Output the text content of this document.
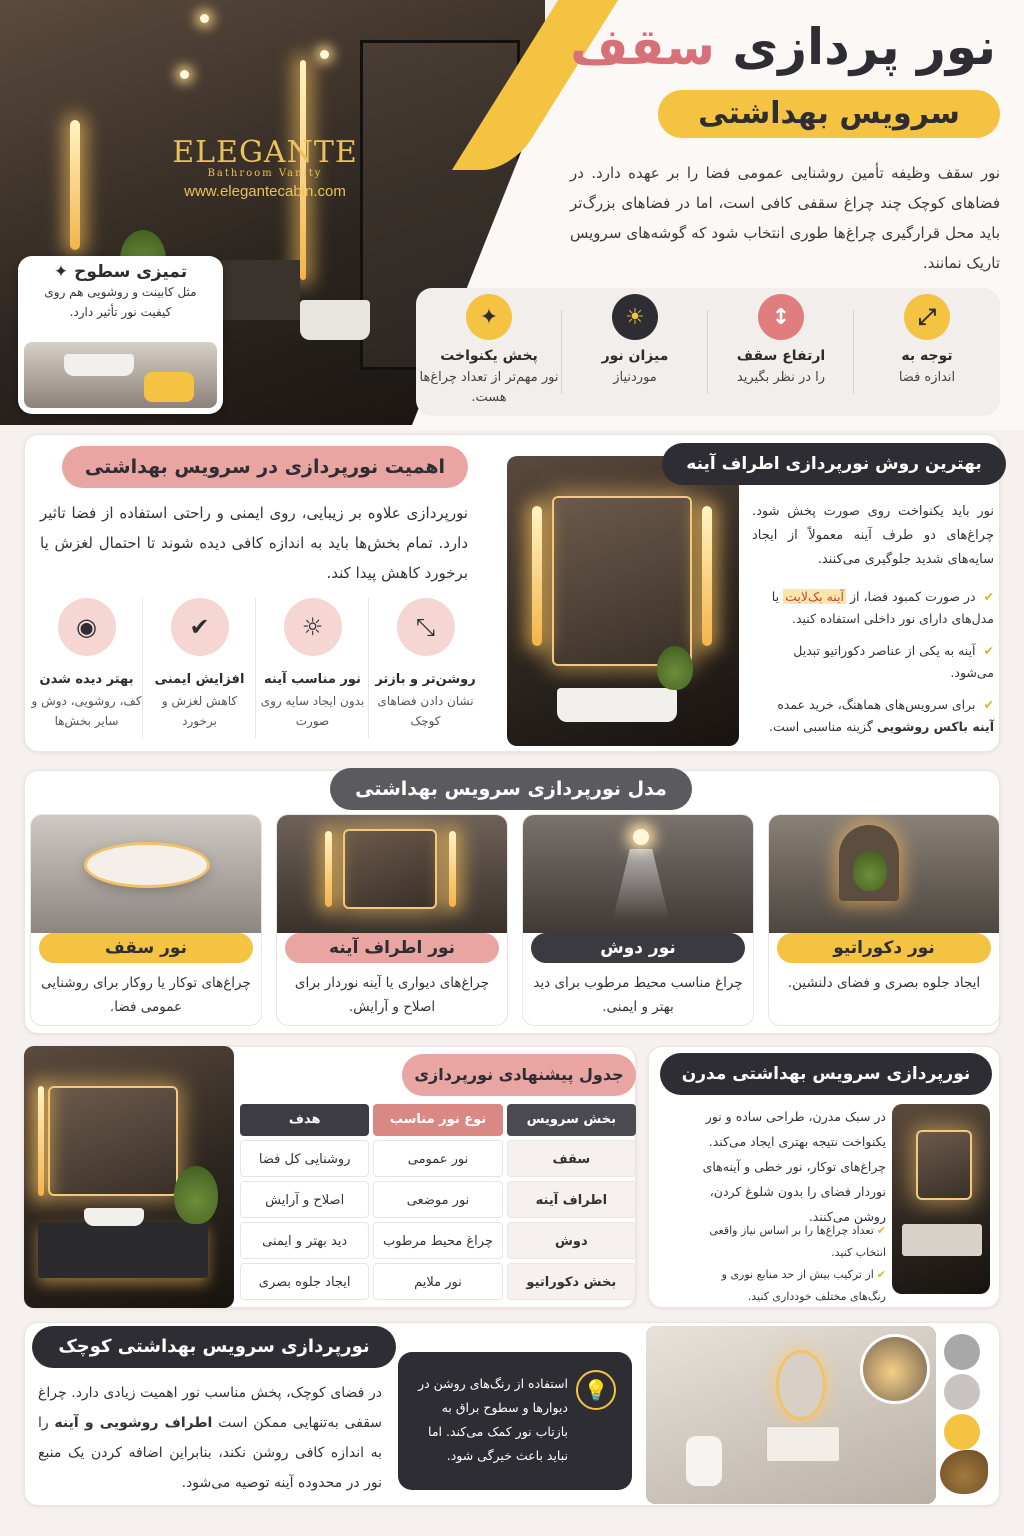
ELEGANTE
Bathroom Vanity
www.elegantecabin.com
نور پردازی سقف
سرویس بهداشتی
نور سقف وظیفه تأمین روشنایی عمومی فضا را بر عهده دارد. در فضاهای کوچک چند چراغ سقفی کافی است، اما در فضاهای بزرگ‌تر باید محل قرارگیری چراغ‌ها طوری انتخاب شود که گوشه‌های سرویس تاریک نمانند.
⤢
توجه به
اندازه فضا
↕
ارتفاع سقف
را در نظر بگیرید
☀
میزان نور
موردنیاز
✦
پخش یکنواخت
نور مهم‌تر از تعداد چراغ‌ها هست.
✦ تمیزی سطوح
مثل کابینت و روشویی هم روی کیفیت نور تأثیر دارد.
اهمیت نورپردازی در سرویس بهداشتی
نورپردازی علاوه بر زیبایی، روی ایمنی و راحتی استفاده از فضا تاثیر دارد. تمام بخش‌ها باید به اندازه کافی دیده شوند تا احتمال لغزش یا برخورد کاهش پیدا کند.
⤡
روشن‌تر و بازتر
نشان دادن فضاهای کوچک
☼
نور مناسب آینه
بدون ایجاد سایه روی صورت
✔
افزایش ایمنی
کاهش لغزش و برخورد
◉
بهتر دیده شدن
کف، روشویی، دوش و سایر بخش‌ها
بهترین روش نورپردازی اطراف آینه
نور باید یکنواخت روی صورت پخش شود. چراغ‌های دو طرف آینه معمولاً از ایجاد سایه‌های شدید جلوگیری می‌کنند.
✔ در صورت کمبود فضا، از آینه بک‌لایت یا مدل‌های دارای نور داخلی استفاده کنید.
✔ آینه به یکی از عناصر دکوراتیو تبدیل می‌شود.
✔ برای سرویس‌های هماهنگ، خرید عمده آینه باکس روشویی گزینه مناسبی است.
مدل نورپردازی سرویس بهداشتی
نور دکوراتیو
ایجاد جلوه بصری و فضای دلنشین.
نور دوش
چراغ مناسب محیط مرطوب برای دید بهتر و ایمنی.
نور اطراف آینه
چراغ‌های دیواری یا آینه نوردار برای اصلاح و آرایش.
نور سقف
چراغ‌های توکار یا روکار برای روشنایی عمومی فضا.
جدول پیشنهادی نورپردازی
بخش سرویس
نوع نور مناسب
هدف
سقف
نور عمومی
روشنایی کل فضا
اطراف آینه
نور موضعی
اصلاح و آرایش
دوش
چراغ محیط مرطوب
دید بهتر و ایمنی
بخش دکوراتیو
نور ملایم
ایجاد جلوه بصری
نورپردازی سرویس بهداشتی مدرن
در سبک مدرن، طراحی ساده و نور یکنواخت نتیجه بهتری ایجاد می‌کند. چراغ‌های توکار، نور خطی و آینه‌های نوردار فضای را بدون شلوغ کردن، روشن می‌کنند.
✔تعداد چراغ‌ها را بر اساس نیاز واقعی انتخاب کنید.
✔از ترکیب بیش از حد منابع نوری و رنگ‌های مختلف خودداری کنید.
نورپردازی سرویس بهداشتی کوچک
در فضای کوچک، پخش مناسب نور اهمیت زیادی دارد. چراغ سقفی به‌تنهایی ممکن است اطراف روشویی و آینه را به اندازه کافی روشن نکند، بنابراین اضافه کردن یک منبع نور در محدوده آینه توصیه می‌شود.
💡
استفاده از رنگ‌های روشن در دیوارها و سطوح براق به بازتاب نور کمک می‌کند. اما نباید باعث خیرگی شود.
